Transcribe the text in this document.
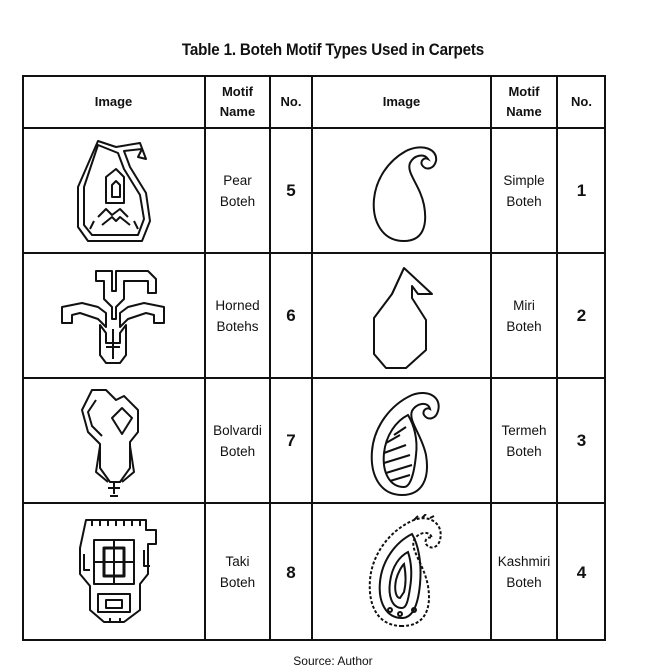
Table 1. Boteh Motif Types Used in Carpets
Image
Motif
Name
No.	Image
Motif
Name
No.
Pear
Boteh
5
Simple
Boteh
1
Horned
Botehs
6
Miri
Boteh
2
Bolvardi
Boteh
7
Termeh
Boteh
3
Taki
Boteh
8
Kashmiri
Boteh
4
Source: Author
